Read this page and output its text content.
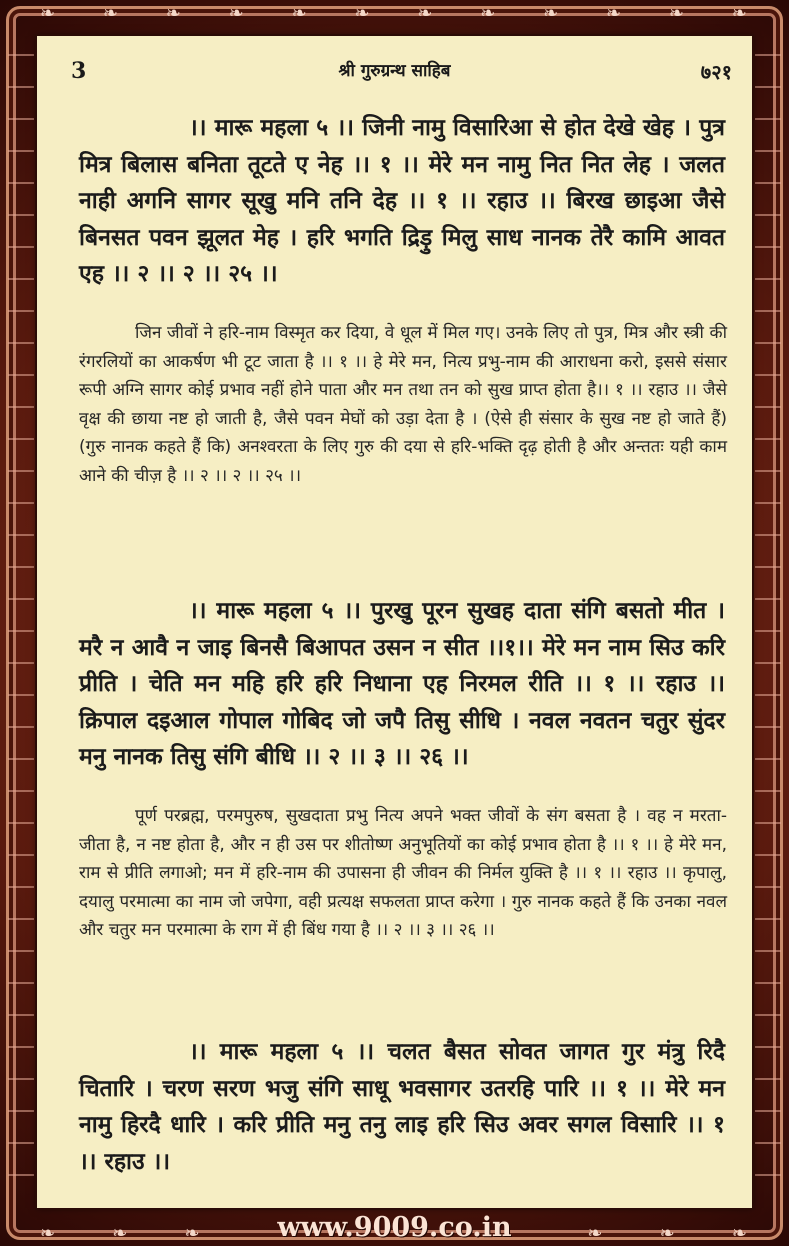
❧	❧	❧	❧	❧	❧	❧	❧	❧	❧	❧	❧
❧	❧	❧	❧	❧	❧
3	श्री गुरुग्रन्थ साहिब	७२१
।। मारू महला ५ ।। जिनी नामु विसारिआ से होत देखे खेह । पुत्र मित्र बिलास बनिता तूटते ए नेह ।। १ ।। मेरे मन नामु नित नित लेह । जलत नाही अगनि सागर सूखु मनि तनि देह ।। १ ।। रहाउ ।। बिरख छाइआ जैसे बिनसत पवन झूलत मेह । हरि भगति द्रिड़ु मिलु साध नानक तेरै कामि आवत एह ।। २ ।। २ ।। २५ ।।
जिन जीवों ने हरि-नाम विस्मृत कर दिया, वे धूल में मिल गए। उनके लिए तो पुत्र, मित्र और स्त्री की रंगरलियों का आकर्षण भी टूट जाता है ।। १ ।। हे मेरे मन, नित्य प्रभु-नाम की आराधना करो, इससे संसार रूपी अग्नि सागर कोई प्रभाव नहीं होने पाता और मन तथा तन को सुख प्राप्त होता है।। १ ।। रहाउ ।। जैसे वृक्ष की छाया नष्ट हो जाती है, जैसे पवन मेघों को उड़ा देता है । (ऐसे ही संसार के सुख नष्ट हो जाते हैं) (गुरु नानक कहते हैं कि) अनश्वरता के लिए गुरु की दया से हरि-भक्ति दृढ़ होती है और अन्ततः यही काम आने की चीज़ है ।। २ ।। २ ।। २५ ।।
।। मारू महला ५ ।। पुरखु पूरन सुखह दाता संगि बसतो मीत । मरै न आवै न जाइ बिनसै बिआपत उसन न सीत ।।१।। मेरे मन नाम सिउ करि प्रीति । चेति मन महि हरि हरि निधाना एह निरमल रीति ।। १ ।। रहाउ ।। क्रिपाल दइआल गोपाल गोबिद जो जपै तिसु सीधि । नवल नवतन चतुर सुंदर मनु नानक तिसु संगि बीधि ।। २ ।। ३ ।। २६ ।।
पूर्ण परब्रह्म, परमपुरुष, सुखदाता प्रभु नित्य अपने भक्त जीवों के संग बसता है । वह न मरता-जीता है, न नष्ट होता है, और न ही उस पर शीतोष्ण अनुभूतियों का कोई प्रभाव होता है ।। १ ।। हे मेरे मन, राम से प्रीति लगाओ; मन में हरि-नाम की उपासना ही जीवन की निर्मल युक्ति है ।। १ ।। रहाउ ।। कृपालु, दयालु परमात्मा का नाम जो जपेगा, वही प्रत्यक्ष सफलता प्राप्त करेगा । गुरु नानक कहते हैं कि उनका नवल और चतुर मन परमात्मा के राग में ही बिंध गया है ।। २ ।। ३ ।। २६ ।।
।। मारू महला ५ ।। चलत बैसत सोवत जागत गुर मंत्रु रिदै चितारि । चरण सरण भजु संगि साधू भवसागर उतरहि पारि ।। १ ।। मेरे मन नामु हिरदै धारि । करि प्रीति मनु तनु लाइ हरि सिउ अवर सगल विसारि ।। १ ।। रहाउ ।।
www.9009.co.in
